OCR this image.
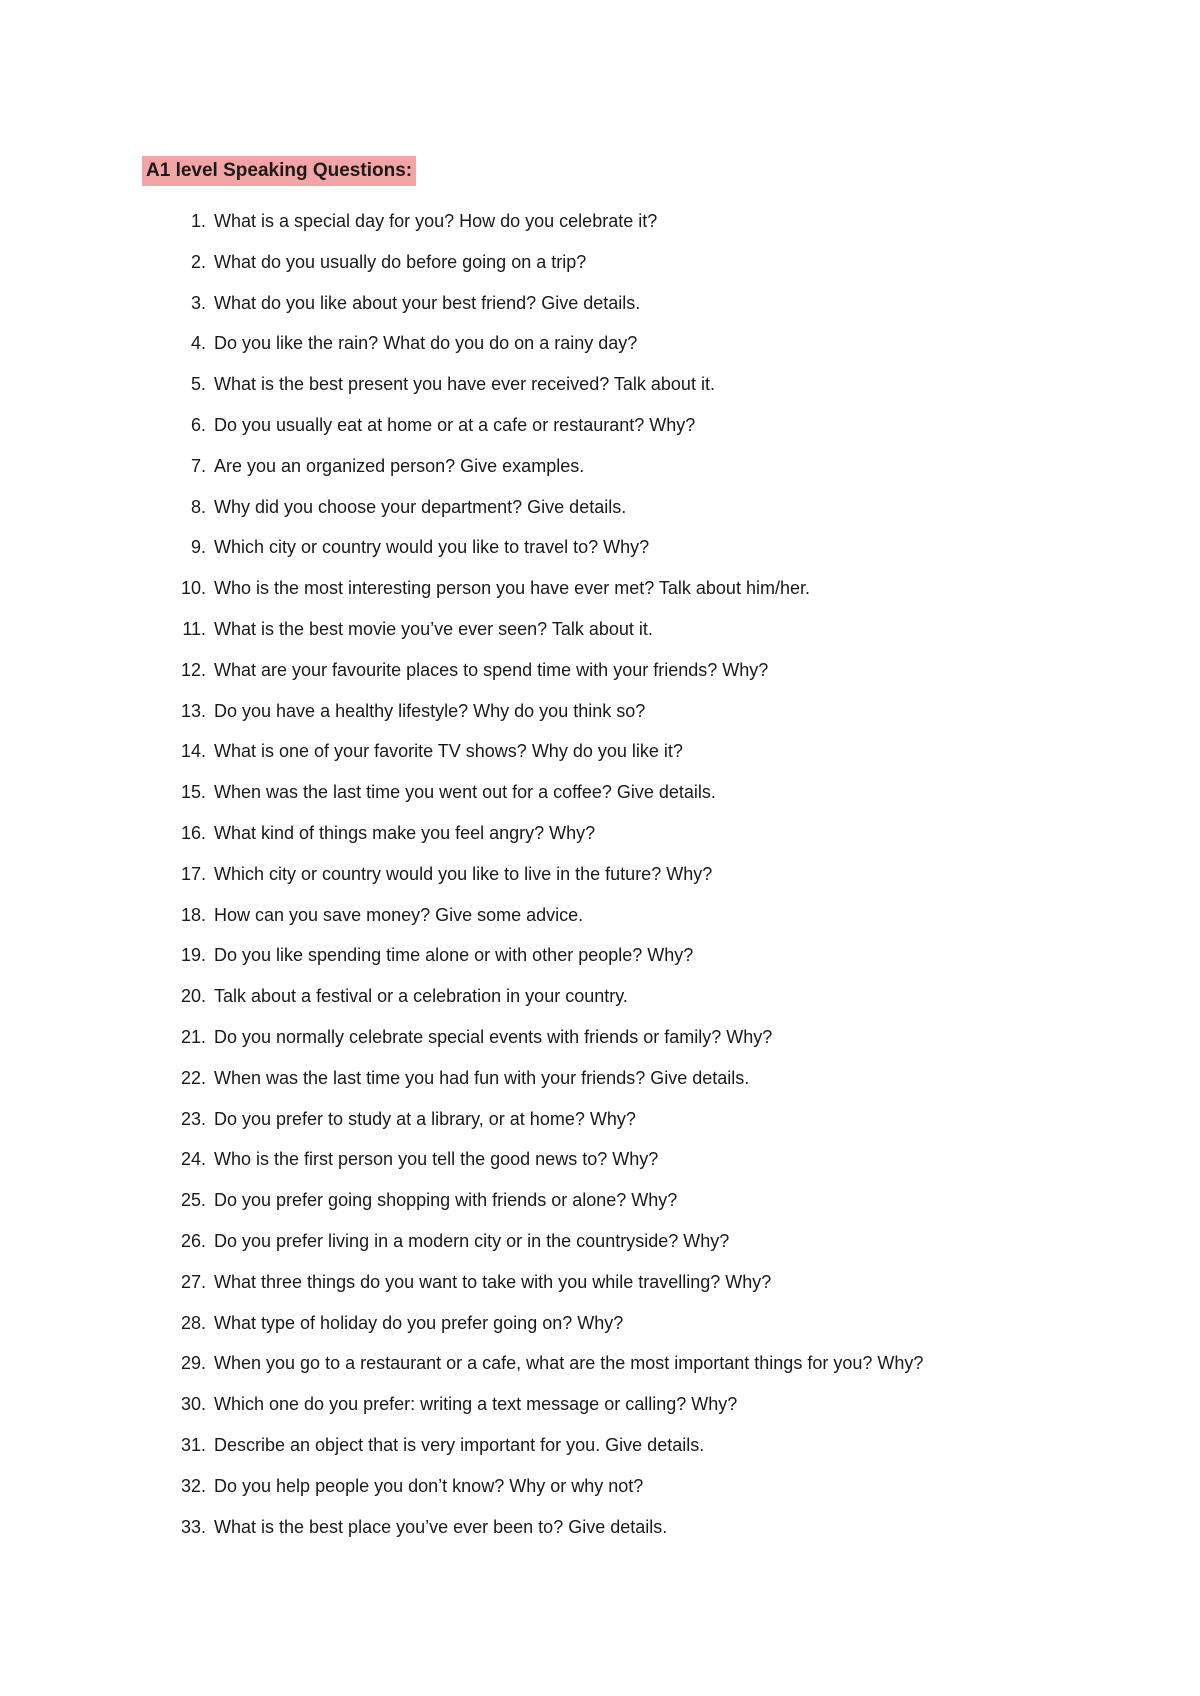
A1 level Speaking Questions:
1. What is a special day for you? How do you celebrate it?
2. What do you usually do before going on a trip?
3. What do you like about your best friend? Give details.
4. Do you like the rain? What do you do on a rainy day?
5. What is the best present you have ever received? Talk about it.
6. Do you usually eat at home or at a cafe or restaurant? Why?
7. Are you an organized person? Give examples.
8. Why did you choose your department? Give details.
9. Which city or country would you like to travel to? Why?
10. Who is the most interesting person you have ever met? Talk about him/her.
11. What is the best movie you’ve ever seen? Talk about it.
12. What are your favourite places to spend time with your friends? Why?
13. Do you have a healthy lifestyle? Why do you think so?
14. What is one of your favorite TV shows? Why do you like it?
15. When was the last time you went out for a coffee? Give details.
16. What kind of things make you feel angry? Why?
17. Which city or country would you like to live in the future? Why?
18. How can you save money? Give some advice.
19. Do you like spending time alone or with other people? Why?
20. Talk about a festival or a celebration in your country.
21. Do you normally celebrate special events with friends or family? Why?
22. When was the last time you had fun with your friends? Give details.
23. Do you prefer to study at a library, or at home? Why?
24. Who is the first person you tell the good news to? Why?
25. Do you prefer going shopping with friends or alone? Why?
26. Do you prefer living in a modern city or in the countryside? Why?
27. What three things do you want to take with you while travelling? Why?
28. What type of holiday do you prefer going on? Why?
29. When you go to a restaurant or a cafe, what are the most important things for you? Why?
30. Which one do you prefer: writing a text message or calling? Why?
31. Describe an object that is very important for you. Give details.
32. Do you help people you don’t know? Why or why not?
33. What is the best place you’ve ever been to? Give details.
